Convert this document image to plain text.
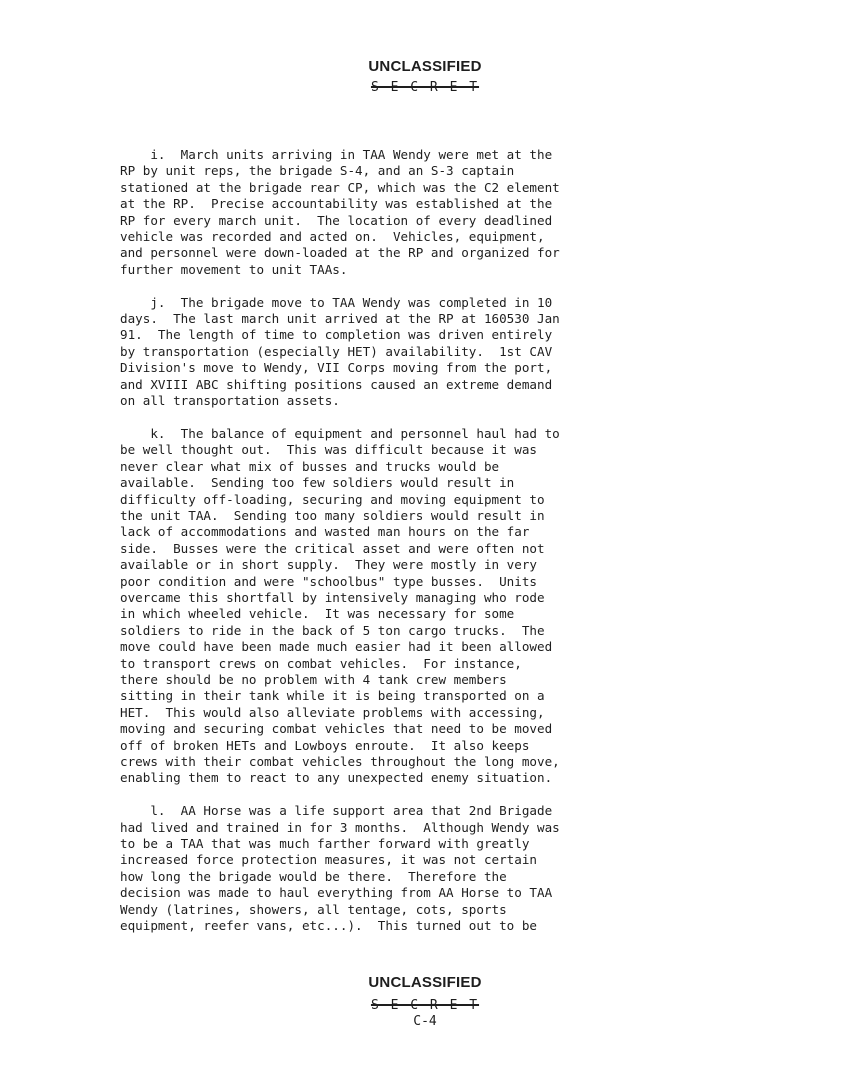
UNCLASSIFIED
S E C R E T
i.  March units arriving in TAA Wendy were met at the
RP by unit reps, the brigade S-4, and an S-3 captain
stationed at the brigade rear CP, which was the C2 element
at the RP.  Precise accountability was established at the
RP for every march unit.  The location of every deadlined
vehicle was recorded and acted on.  Vehicles, equipment,
and personnel were down-loaded at the RP and organized for
further movement to unit TAAs.
j.  The brigade move to TAA Wendy was completed in 10
days.  The last march unit arrived at the RP at 160530 Jan
91.  The length of time to completion was driven entirely
by transportation (especially HET) availability.  1st CAV
Division's move to Wendy, VII Corps moving from the port,
and XVIII ABC shifting positions caused an extreme demand
on all transportation assets.
k.  The balance of equipment and personnel haul had to
be well thought out.  This was difficult because it was
never clear what mix of busses and trucks would be
available.  Sending too few soldiers would result in
difficulty off-loading, securing and moving equipment to
the unit TAA.  Sending too many soldiers would result in
lack of accommodations and wasted man hours on the far
side.  Busses were the critical asset and were often not
available or in short supply.  They were mostly in very
poor condition and were "schoolbus" type busses.  Units
overcame this shortfall by intensively managing who rode
in which wheeled vehicle.  It was necessary for some
soldiers to ride in the back of 5 ton cargo trucks.  The
move could have been made much easier had it been allowed
to transport crews on combat vehicles.  For instance,
there should be no problem with 4 tank crew members
sitting in their tank while it is being transported on a
HET.  This would also alleviate problems with accessing,
moving and securing combat vehicles that need to be moved
off of broken HETs and Lowboys enroute.  It also keeps
crews with their combat vehicles throughout the long move,
enabling them to react to any unexpected enemy situation.
l.  AA Horse was a life support area that 2nd Brigade
had lived and trained in for 3 months.  Although Wendy was
to be a TAA that was much farther forward with greatly
increased force protection measures, it was not certain
how long the brigade would be there.  Therefore the
decision was made to haul everything from AA Horse to TAA
Wendy (latrines, showers, all tentage, cots, sports
equipment, reefer vans, etc...).  This turned out to be
UNCLASSIFIED
S E C R E T
C-4
